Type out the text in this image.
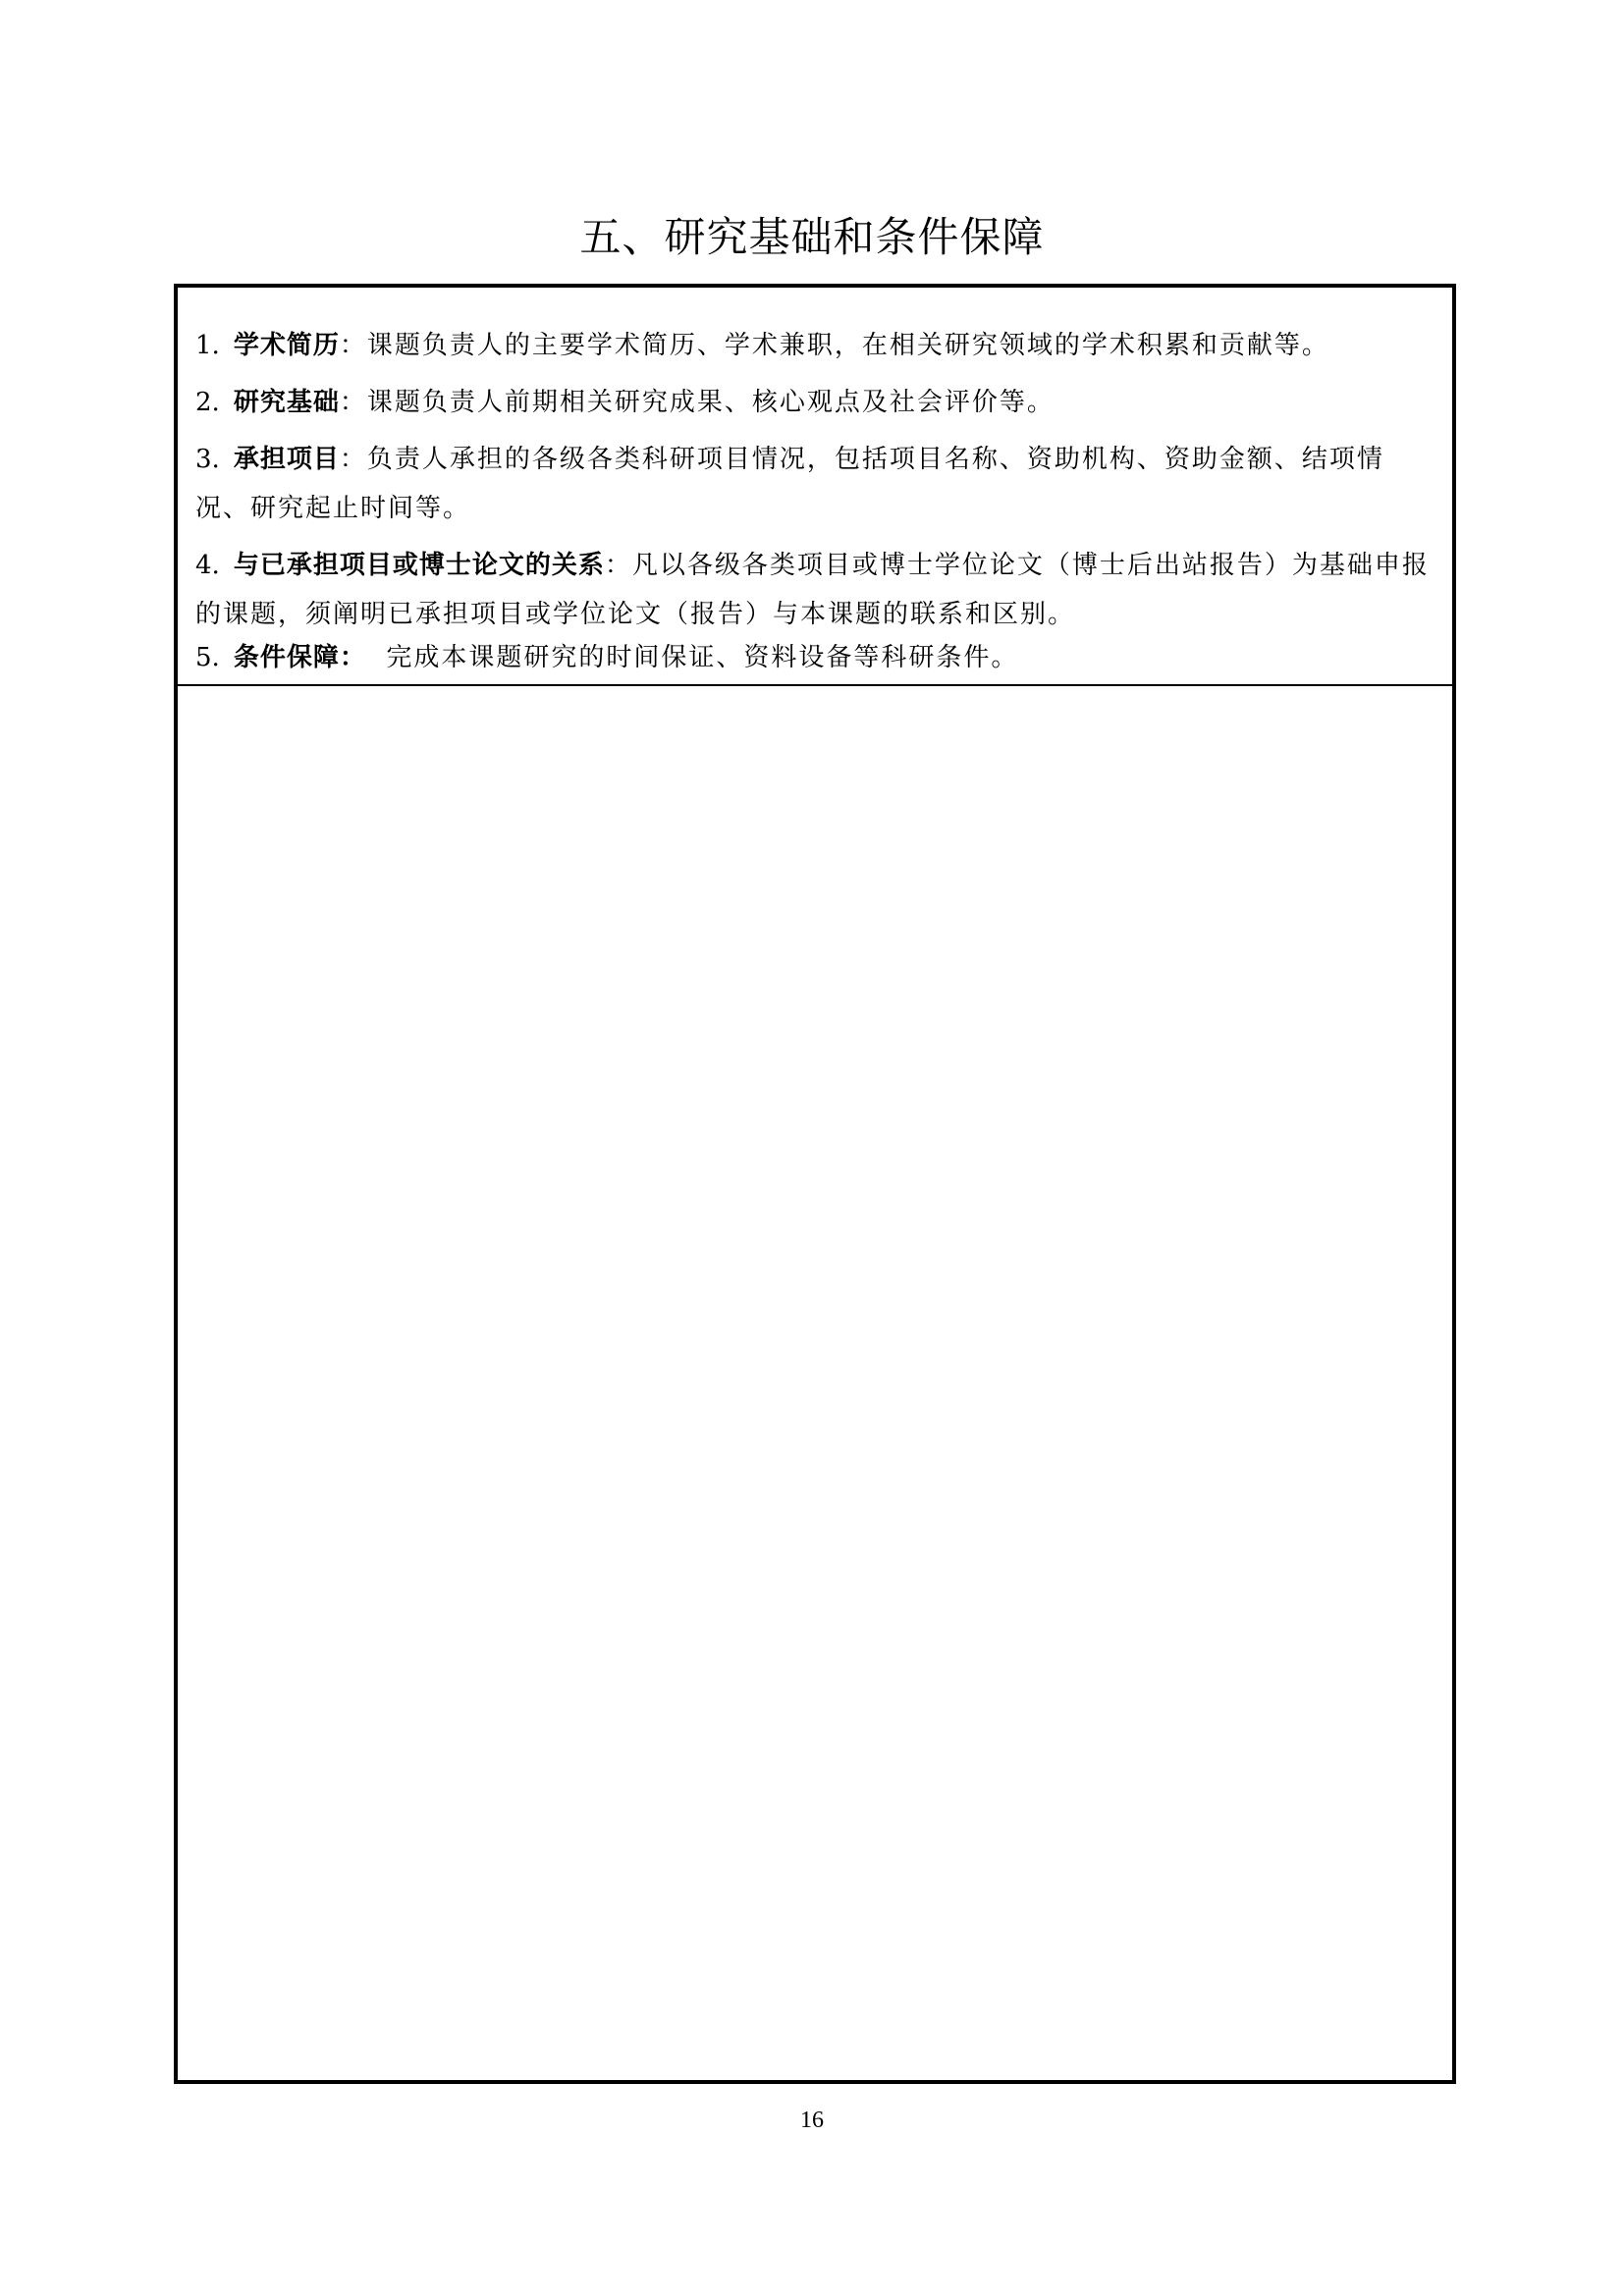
五、研究基础和条件保障

1. 学术简历：课题负责人的主要学术简历、学术兼职，在相关研究领域的学术积累和贡献等。

2. 研究基础：课题负责人前期相关研究成果、核心观点及社会评价等。

3. 承担项目：负责人承担的各级各类科研项目情况，包括项目名称、资助机构、资助金额、结项情况、研究起止时间等。

4. 与已承担项目或博士论文的关系：凡以各级各类项目或博士学位论文（博士后出站报告）为基础申报的课题，须阐明已承担项目或学位论文（报告）与本课题的联系和区别。

5. 条件保障： 完成本课题研究的时间保证、资料设备等科研条件。

16
